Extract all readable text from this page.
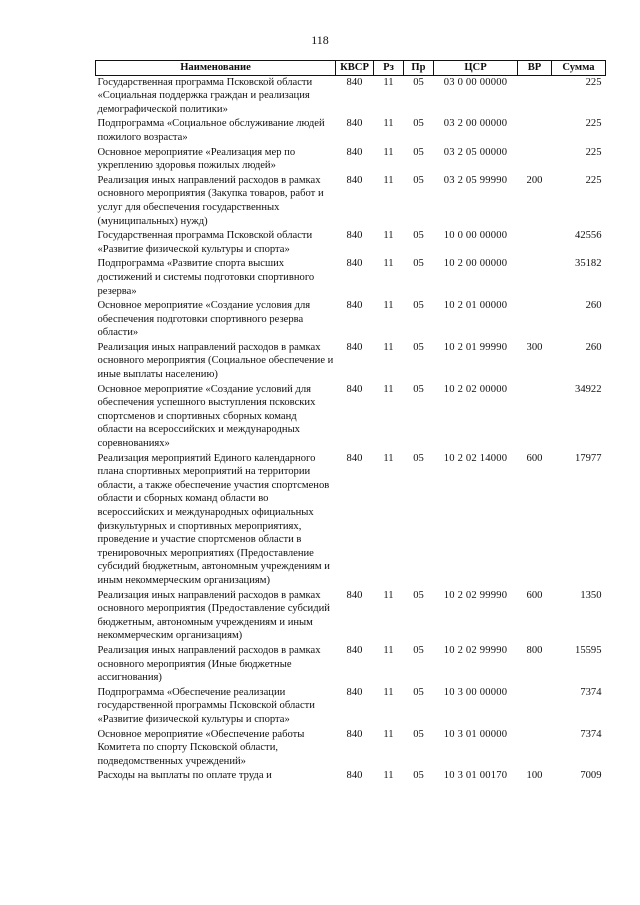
118
Наименование	КВСР	Рз	Пр	ЦСР	ВР	Сумма
Государственная программа Псковской области «Социальная поддержка граждан и реализация демографической политики»	840	11	05	03 0 00 00000		225
Подпрограмма «Социальное обслуживание людей пожилого возраста»	840	11	05	03 2 00 00000		225
Основное мероприятие «Реализация мер по укреплению здоровья пожилых людей»	840	11	05	03 2 05 00000		225
Реализация иных направлений расходов в рамках основного мероприятия (Закупка товаров, работ и услуг для обеспечения государственных (муниципальных) нужд)	840	11	05	03 2 05 99990	200	225
Государственная программа Псковской области «Развитие физической культуры и спорта»	840	11	05	10 0 00 00000		42556
Подпрограмма «Развитие спорта высших достижений и системы подготовки спортивного резерва»	840	11	05	10 2 00 00000		35182
Основное мероприятие «Создание условия для обеспечения подготовки спортивного резерва области»	840	11	05	10 2 01 00000		260
Реализация иных направлений расходов в рамках основного мероприятия (Социальное обеспечение и иные выплаты населению)	840	11	05	10 2 01 99990	300	260
Основное мероприятие «Создание условий для обеспечения успешного выступления псковских спортсменов и спортивных сборных команд области на всероссийских и международных соревнованиях»	840	11	05	10 2 02 00000		34922
Реализация мероприятий Единого календарного плана спортивных мероприятий на территории области, а также обеспечение участия спортсменов области и сборных команд области во всероссийских и международных официальных физкультурных и спортивных мероприятиях, проведение и участие спортсменов области в тренировочных мероприятиях (Предоставление субсидий бюджетным, автономным учреждениям и иным некоммерческим организациям)	840	11	05	10 2 02 14000	600	17977
Реализация иных направлений расходов в рамках основного мероприятия (Предоставление субсидий бюджетным, автономным учреждениям и иным некоммерческим организациям)	840	11	05	10 2 02 99990	600	1350
Реализация иных направлений расходов в рамках основного мероприятия (Иные бюджетные ассигнования)	840	11	05	10 2 02 99990	800	15595
Подпрограмма «Обеспечение реализации государственной программы Псковской области «Развитие физической культуры и спорта»	840	11	05	10 3 00 00000		7374
Основное мероприятие «Обеспечение работы Комитета по спорту Псковской области, подведомственных учреждений»	840	11	05	10 3 01 00000		7374
Расходы на выплаты по оплате труда и	840	11	05	10 3 01 00170	100	7009
